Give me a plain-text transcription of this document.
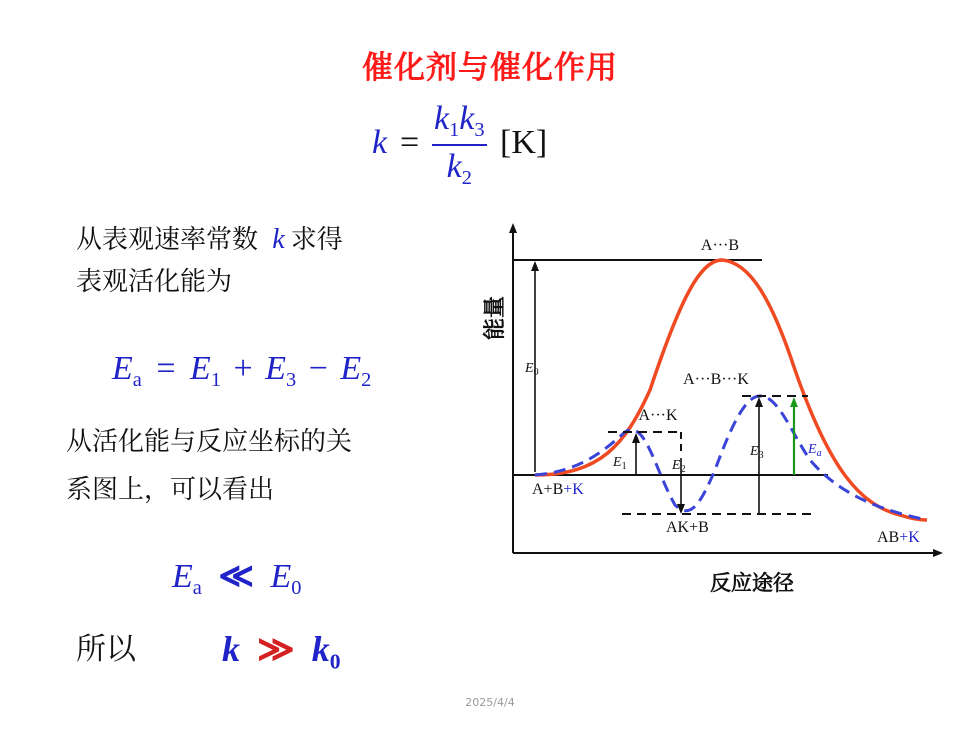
催化剂与催化作用
$k = \frac{k_1k_3}{k_2} [K]$
从表观速率常数 k 求得
表观活化能为
$E_a = E_1 + E_3 - E_2$
从活化能与反应坐标的关
系图上，可以看出
$E_a$ ≪ $E_0$
所以 k ≫ $k_0$
能量
反应途径
A···B
$E_0$	A···B···K
A···K
$E_1$	$E_2$
$E_3$	$E_a$
A+B+K
AK+B
AB+K
2025/4/4
